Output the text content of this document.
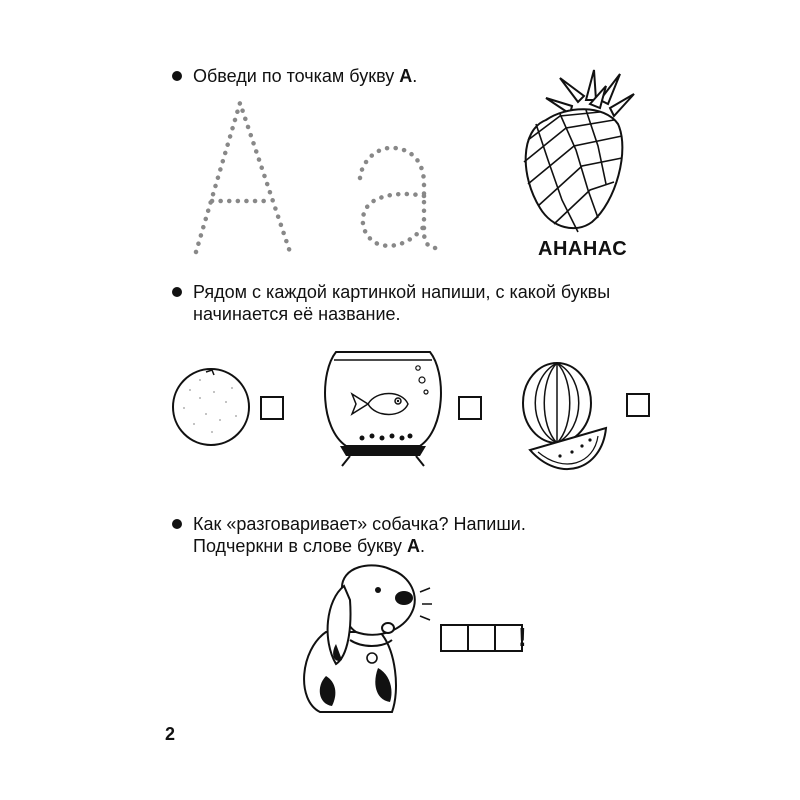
Обведи по точкам букву А.
АНАНАС
Рядом с каждой картинкой напиши, с какой буквы
начинается её название.
Как «разговаривает» собачка? Напиши.
Подчеркни в слове букву А.
!
2
